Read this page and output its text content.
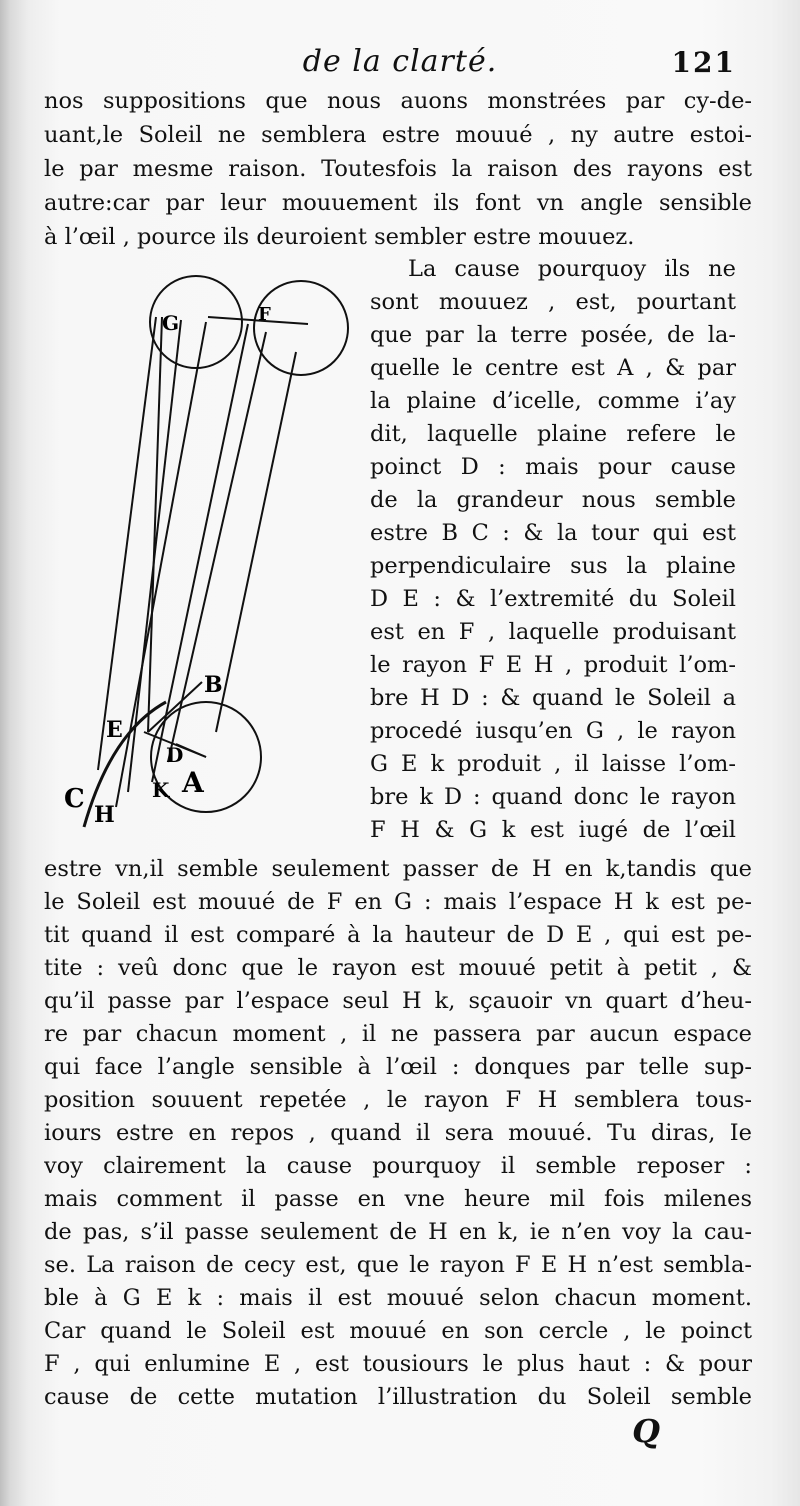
de la clarté.	121
nos suppositions que nous auons monstrées par cy-de-
uant,le Soleil ne semblera estre mouué , ny autre estoi-
le par mesme raison. Toutesfois la raison des rayons est
autre:car par leur mouuement ils font vn angle sensible
à l’œil , pource ils deuroient sembler estre mouuez.
La cause pourquoy ils ne
sont mouuez , est, pourtant
que par la terre posée, de la-
quelle le centre est A , & par
la plaine d’icelle, comme i’ay
dit, laquelle plaine refere le
poinct D : mais pour cause
de la grandeur nous semble
estre B C : & la tour qui est
perpendiculaire sus la plaine
D E : & l’extremité du Soleil
est en F , laquelle produisant
le rayon F E H , produit l’om-
bre H D : & quand le Soleil a
procedé iusqu’en G , le rayon
G E k produit , il laisse l’om-
bre k D : quand donc le rayon
F H & G k est iugé de l’œil
G	F
B
E
D
A
K
C
H
estre vn,il semble seulement passer de H en k,tandis que
le Soleil est mouué de F en G : mais l’espace H k est pe-
tit quand il est comparé à la hauteur de D E , qui est pe-
tite : veû donc que le rayon est mouué petit à petit , &
qu’il passe par l’espace seul H k, sçauoir vn quart d’heu-
re par chacun moment , il ne passera par aucun espace
qui face l’angle sensible à l’œil : donques par telle sup-
position souuent repetée , le rayon F H semblera tous-
iours estre en repos , quand il sera mouué. Tu diras, Ie
voy clairement la cause pourquoy il semble reposer :
mais comment il passe en vne heure mil fois milenes
de pas, s’il passe seulement de H en k, ie n’en voy la cau-
se. La raison de cecy est, que le rayon F E H n’est sembla-
ble à G E k : mais il est mouué selon chacun moment.
Car quand le Soleil est mouué en son cercle , le poinct
F , qui enlumine E , est tousiours le plus haut : & pour
cause de cette mutation l’illustration du Soleil semble
Q
